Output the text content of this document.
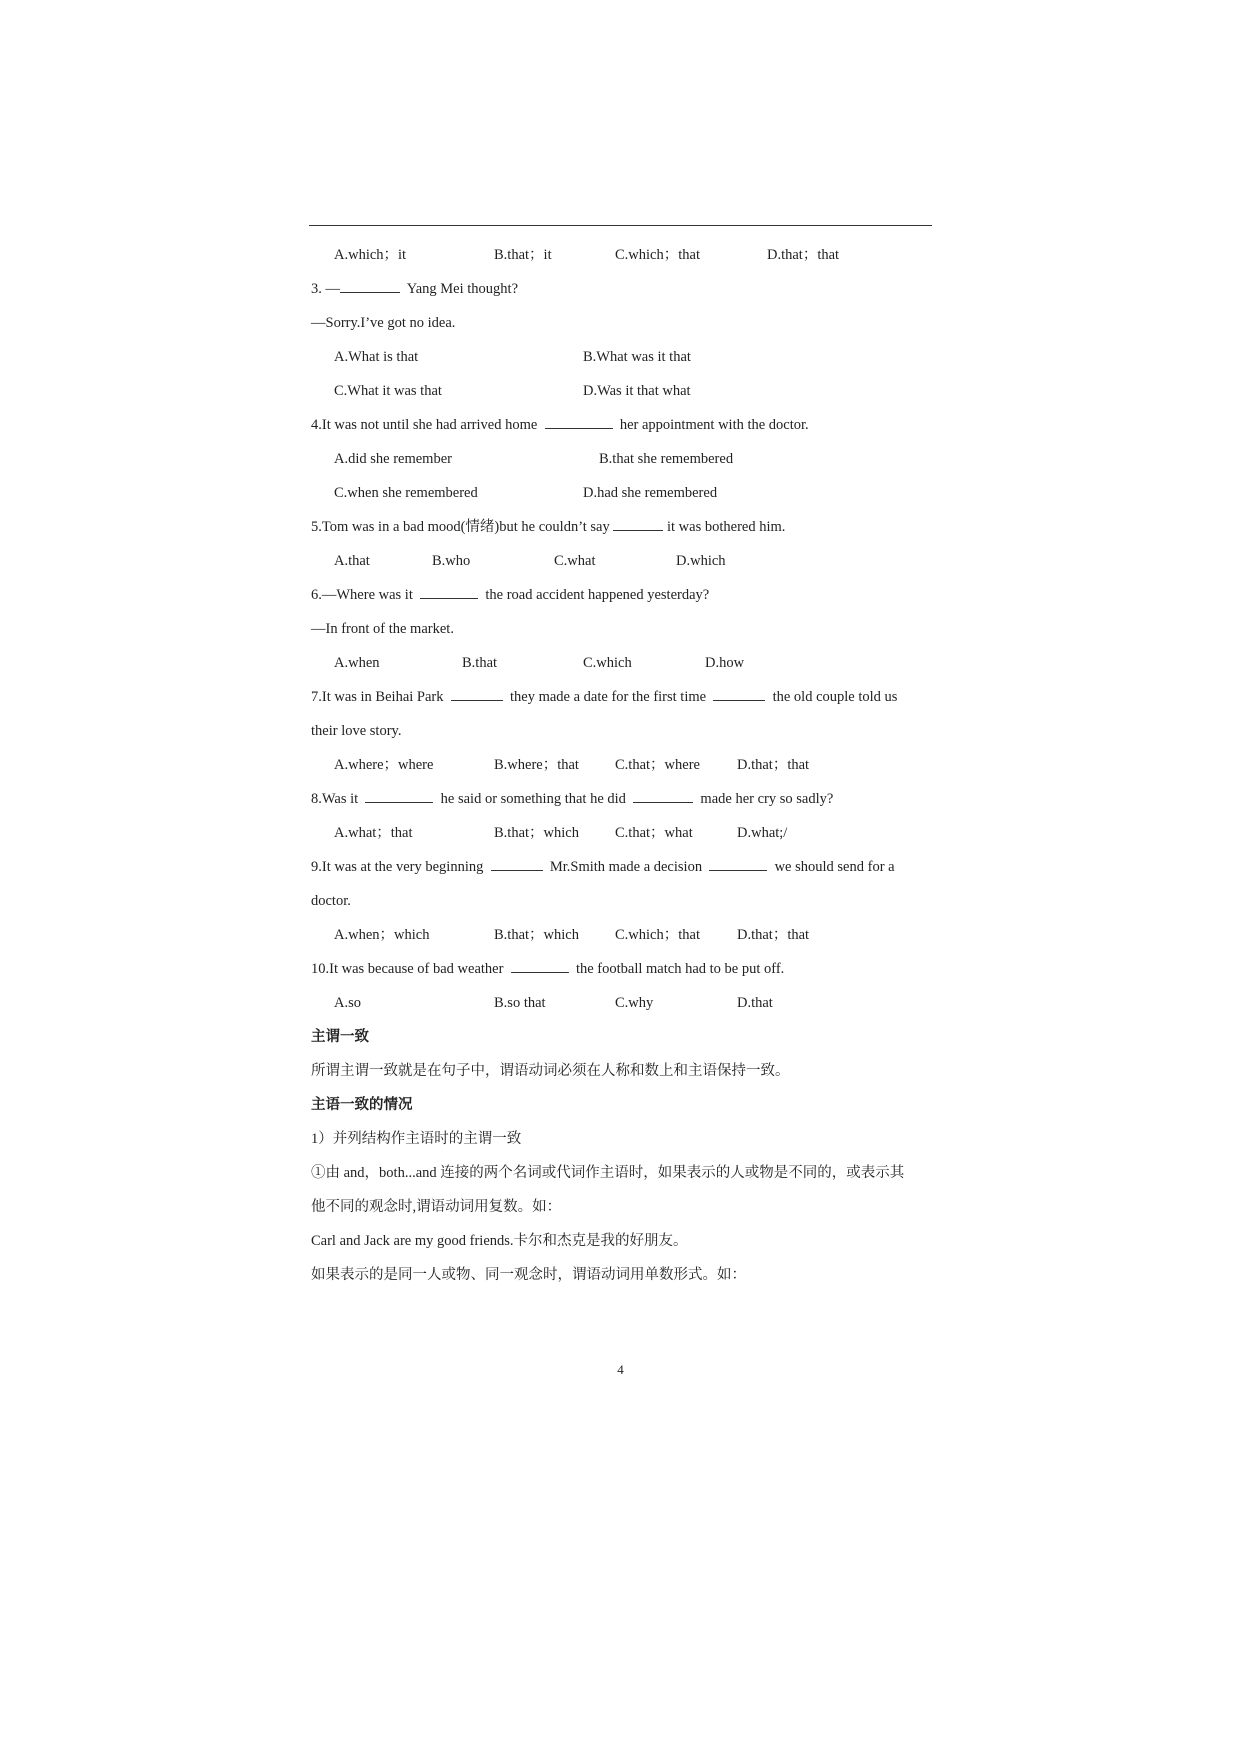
A.which；it	B.that；it	C.which；that	D.that；that
3. —	Yang Mei thought?
—Sorry.I’ve got no idea.
A.What is that	B.What was it that
C.What it was that	D.Was it that what
4.It was not until she had arrived home	her appointment with the doctor.
A.did she remember	B.that she remembered
C.when she remembered	D.had she remembered
5.Tom was in a bad mood(情绪)but he couldn’t say	it was bothered him.
A.that	B.who	C.what	D.which
6.—Where was it	the road accident happened yesterday?
—In front of the market.
A.when	B.that	C.which	D.how
7.It was in Beihai Park	they made a date for the first time	the old couple told us
their love story.
A.where；where	B.where；that C.that；where	D.that；that
8.Was it	he said or something that he did	made her cry so sadly?
A.what；that	B.that；which C.that；what	D.what;/
9.It was at the very beginning	Mr.Smith made a decision	we should send for a
doctor.
A.when；which	B.that；which C.which；that	D.that；that
10.It was because of bad weather	the football match had to be put off.
A.so	B.so that	C.why	D.that
主谓一致
所谓主谓一致就是在句子中，谓语动词必须在人称和数上和主语保持一致。
主语一致的情况
1）并列结构作主语时的主谓一致
①由 and，both...and 连接的两个名词或代词作主语时，如果表示的人或物是不同的，或表示其
他不同的观念时,谓语动词用复数。如：
Carl and Jack are my good friends.卡尔和杰克是我的好朋友。
如果表示的是同一人或物、同一观念时，谓语动词用单数形式。如：
4
